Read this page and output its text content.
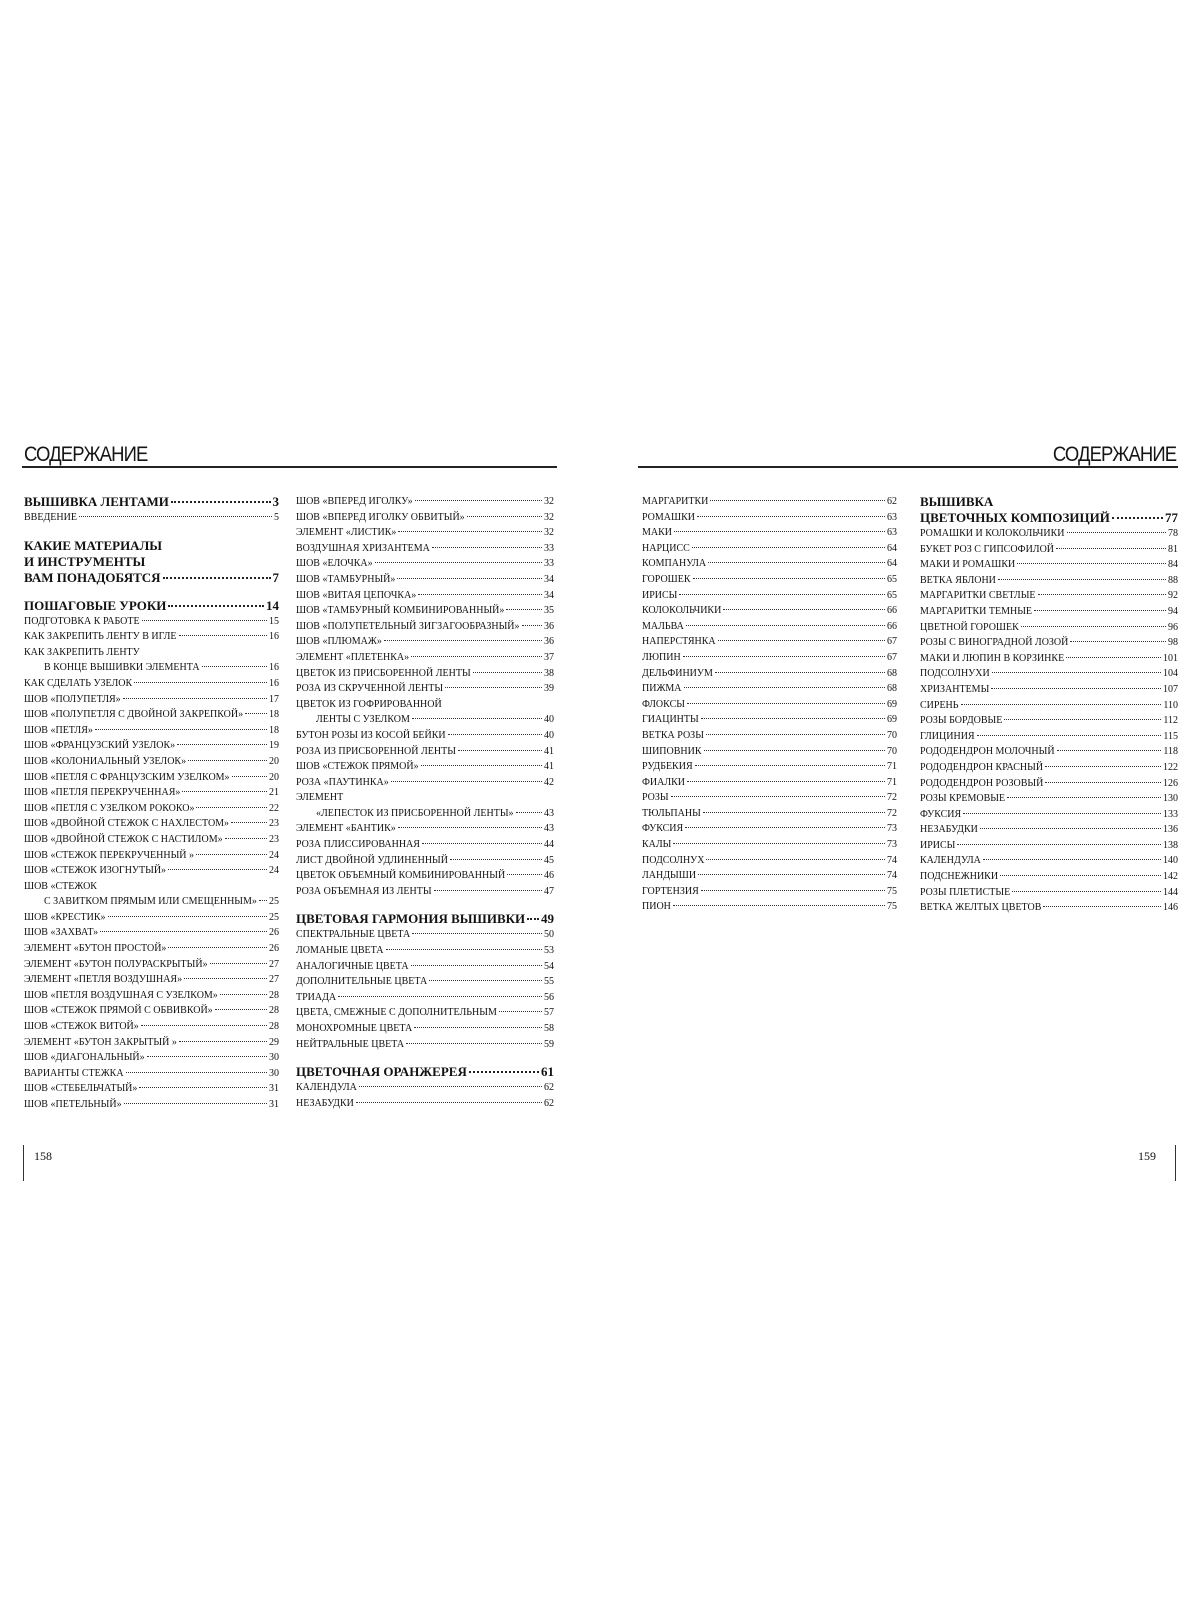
СОДЕРЖАНИЕ
ВЫШИВКА ЛЕНТАМИ	3
ВВЕДЕНИЕ	5
КАКИЕ МАТЕРИАЛЫ
И ИНСТРУМЕНТЫ
ВАМ ПОНАДОБЯТСЯ	7
ПОШАГОВЫЕ УРОКИ	14
ПОДГОТОВКА К РАБОТЕ	15
КАК ЗАКРЕПИТЬ ЛЕНТУ В ИГЛЕ	16
КАК ЗАКРЕПИТЬ ЛЕНТУ
В КОНЦЕ ВЫШИВКИ ЭЛЕМЕНТА	16
КАК СДЕЛАТЬ УЗЕЛОК	16
ШОВ «ПОЛУПЕТЛЯ»	17
ШОВ «ПОЛУПЕТЛЯ С ДВОЙНОЙ ЗАКРЕПКОЙ»	18
ШОВ «ПЕТЛЯ»	18
ШОВ «ФРАНЦУЗСКИЙ УЗЕЛОК»	19
ШОВ «КОЛОНИАЛЬНЫЙ УЗЕЛОК»	20
ШОВ «ПЕТЛЯ С ФРАНЦУЗСКИМ УЗЕЛКОМ»	20
ШОВ «ПЕТЛЯ ПЕРЕКРУЧЕННАЯ»	21
ШОВ «ПЕТЛЯ С УЗЕЛКОМ РОКОКО»	22
ШОВ «ДВОЙНОЙ СТЕЖОК С НАХЛЕСТОМ»	23
ШОВ «ДВОЙНОЙ СТЕЖОК С НАСТИЛОМ»	23
ШОВ «СТЕЖОК ПЕРЕКРУЧЕННЫЙ »	24
ШОВ «СТЕЖОК ИЗОГНУТЫЙ»	24
ШОВ «СТЕЖОК
С ЗАВИТКОМ ПРЯМЫМ ИЛИ СМЕЩЕННЫМ» 25
ШОВ «КРЕСТИК»	25
ШОВ «ЗАХВАТ»	26
ЭЛЕМЕНТ «БУТОН ПРОСТОЙ»	26
ЭЛЕМЕНТ «БУТОН ПОЛУРАСКРЫТЫЙ»	27
ЭЛЕМЕНТ «ПЕТЛЯ ВОЗДУШНАЯ»	27
ШОВ «ПЕТЛЯ ВОЗДУШНАЯ С УЗЕЛКОМ»	28
ШОВ «СТЕЖОК ПРЯМОЙ С ОБВИВКОЙ»	28
ШОВ «СТЕЖОК ВИТОЙ»	28
ЭЛЕМЕНТ «БУТОН ЗАКРЫТЫЙ »	29
ШОВ «ДИАГОНАЛЬНЫЙ»	30
ВАРИАНТЫ СТЕЖКА	30
ШОВ «СТЕБЕЛЬЧАТЫЙ»	31
ШОВ «ПЕТЕЛЬНЫЙ»	31
ШОВ «ВПЕРЕД ИГОЛКУ»	32
ШОВ «ВПЕРЕД ИГОЛКУ ОБВИТЫЙ»	32
ЭЛЕМЕНТ «ЛИСТИК»	32
ВОЗДУШНАЯ ХРИЗАНТЕМА	33
ШОВ «ЕЛОЧКА»	33
ШОВ «ТАМБУРНЫЙ»	34
ШОВ «ВИТАЯ ЦЕПОЧКА»	34
ШОВ «ТАМБУРНЫЙ КОМБИНИРОВАННЫЙ»	35
ШОВ «ПОЛУПЕТЕЛЬНЫЙ ЗИГЗАГООБРАЗНЫЙ» 36
ШОВ «ПЛЮМАЖ»	36
ЭЛЕМЕНТ «ПЛЕТЕНКА»	37
ЦВЕТОК ИЗ ПРИСБОРЕННОЙ ЛЕНТЫ	38
РОЗА ИЗ СКРУЧЕННОЙ ЛЕНТЫ	39
ЦВЕТОК ИЗ ГОФРИРОВАННОЙ
ЛЕНТЫ С УЗЕЛКОМ	40
БУТОН РОЗЫ ИЗ КОСОЙ БЕЙКИ	40
РОЗА ИЗ ПРИСБОРЕННОЙ ЛЕНТЫ	41
ШОВ «СТЕЖОК ПРЯМОЙ»	41
РОЗА «ПАУТИНКА»	42
ЭЛЕМЕНТ
«ЛЕПЕСТОК ИЗ ПРИСБОРЕННОЙ ЛЕНТЫ»	43
ЭЛЕМЕНТ «БАНТИК»	43
РОЗА ПЛИССИРОВАННАЯ	44
ЛИСТ ДВОЙНОЙ УДЛИНЕННЫЙ	45
ЦВЕТОК ОБЪЕМНЫЙ КОМБИНИРОВАННЫЙ	46
РОЗА ОБЪЕМНАЯ ИЗ ЛЕНТЫ	47
ЦВЕТОВАЯ ГАРМОНИЯ ВЫШИВКИ 49
СПЕКТРАЛЬНЫЕ ЦВЕТА	50
ЛОМАНЫЕ ЦВЕТА	53
АНАЛОГИЧНЫЕ ЦВЕТА	54
ДОПОЛНИТЕЛЬНЫЕ ЦВЕТА	55
ТРИАДА	56
ЦВЕТА, СМЕЖНЫЕ С ДОПОЛНИТЕЛЬНЫМ	57
МОНОХРОМНЫЕ ЦВЕТА	58
НЕЙТРАЛЬНЫЕ ЦВЕТА	59
ЦВЕТОЧНАЯ ОРАНЖЕРЕЯ	61
КАЛЕНДУЛА	62
НЕЗАБУДКИ	62
158
СОДЕРЖАНИЕ
МАРГАРИТКИ	62
РОМАШКИ	63
МАКИ	63
НАРЦИСС	64
КОМПАНУЛА	64
ГОРОШЕК	65
ИРИСЫ	65
КОЛОКОЛЬЧИКИ	66
МАЛЬВА	66
НАПЕРСТЯНКА	67
ЛЮПИН	67
ДЕЛЬФИНИУМ	68
ПИЖМА	68
ФЛОКСЫ	69
ГИАЦИНТЫ	69
ВЕТКА РОЗЫ	70
ШИПОВНИК	70
РУДБЕКИЯ	71
ФИАЛКИ	71
РОЗЫ	72
ТЮЛЬПАНЫ	72
ФУКСИЯ	73
КАЛЫ	73
ПОДСОЛНУХ	74
ЛАНДЫШИ	74
ГОРТЕНЗИЯ	75
ПИОН	75
ВЫШИВКА
ЦВЕТОЧНЫХ КОМПОЗИЦИЙ	77
РОМАШКИ И КОЛОКОЛЬЧИКИ	78
БУКЕТ РОЗ С ГИПСОФИЛОЙ	81
МАКИ И РОМАШКИ	84
ВЕТКА ЯБЛОНИ	88
МАРГАРИТКИ СВЕТЛЫЕ	92
МАРГАРИТКИ ТЕМНЫЕ	94
ЦВЕТНОЙ ГОРОШЕК	96
РОЗЫ С ВИНОГРАДНОЙ ЛОЗОЙ	98
МАКИ И ЛЮПИН В КОРЗИНКЕ	101
ПОДСОЛНУХИ	104
ХРИЗАНТЕМЫ	107
СИРЕНЬ	110
РОЗЫ БОРДОВЫЕ	112
ГЛИЦИНИЯ	115
РОДОДЕНДРОН МОЛОЧНЫЙ	118
РОДОДЕНДРОН КРАСНЫЙ	122
РОДОДЕНДРОН РОЗОВЫЙ	126
РОЗЫ КРЕМОВЫЕ	130
ФУКСИЯ	133
НЕЗАБУДКИ	136
ИРИСЫ	138
КАЛЕНДУЛА	140
ПОДСНЕЖНИКИ	142
РОЗЫ ПЛЕТИСТЫЕ	144
ВЕТКА ЖЕЛТЫХ ЦВЕТОВ	146
159
